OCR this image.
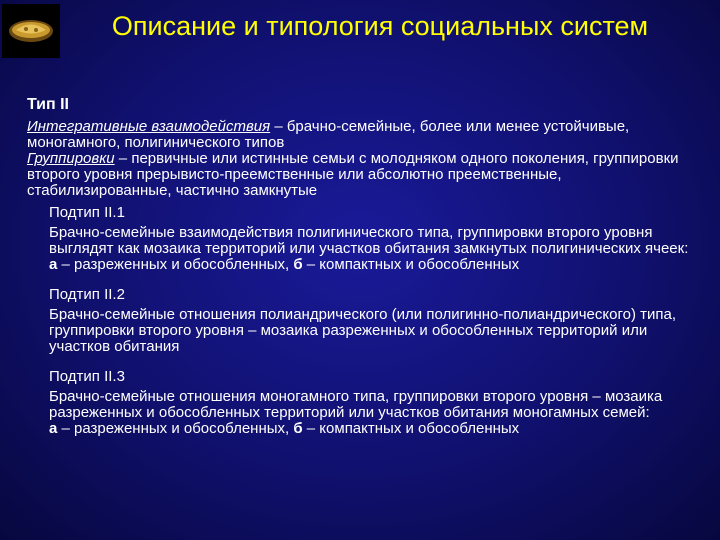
Описание и типология социальных систем
Тип II

Интегративные взаимодействия – брачно-семейные, более или менее устойчивые, моногамного, полигинического типов

Группировки – первичные или истинные семьи с молодняком одного поколения, группировки второго уровня прерывисто-преемственные или абсолютно преемственные, стабилизированные, частично замкнутые

Подтип II.1
Брачно-семейные взаимодействия полигинического типа, группировки второго уровня выглядят как мозаика территорий или участков обитания замкнутых полигинических ячеек:
а – разреженных и обособленных, б – компактных и обособленных
Подтип II.2
Брачно-семейные отношения полиандрического (или полигинно-полиандрического) типа, группировки второго уровня – мозаика разреженных и обособленных территорий или участков обитания
Подтип II.3
Брачно-семейные отношения моногамного типа, группировки второго уровня – мозаика разреженных и обособленных территорий или участков обитания моногамных семей:
а – разреженных и обособленных, б – компактных и обособленных
